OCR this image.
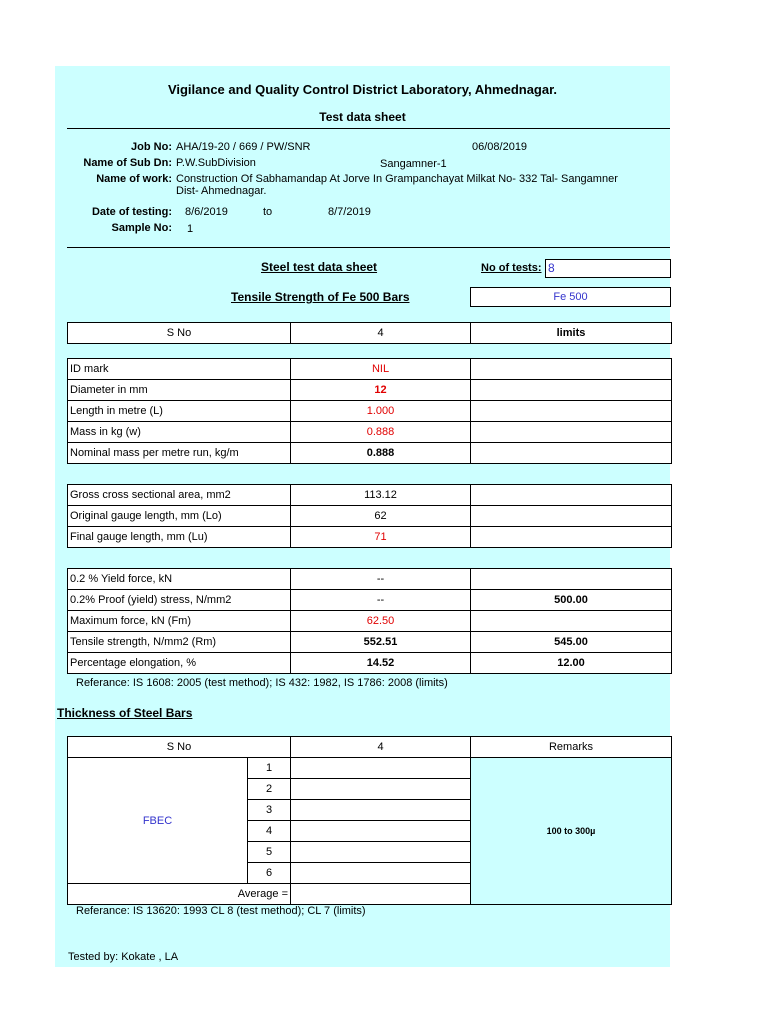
Vigilance and Quality Control District Laboratory, Ahmednagar.
Test data sheet
Job No: AHA/19-20 / 669 / PW/SNR	06/08/2019
Name of Sub Dn: P.W.SubDivision	Sangamner-1
Name of work: Construction Of Sabhamandap At Jorve In Grampanchayat Milkat No- 332 Tal- Sangamner
Dist- Ahmednagar.
Date of testing: 8/6/2019	to	8/7/2019
Sample No: 1
Steel test data sheet	No of tests: 8
Tensile Strength of Fe 500 Bars	Fe 500
S No	4	limits
ID mark	NIL	
Diameter in mm	12	
Length in metre (L)	1.000	
Mass in kg (w)	0.888	
Nominal mass per metre run, kg/m	0.888	
Gross cross sectional area, mm2	113.12	
Original gauge length, mm (Lo)	62	
Final gauge length, mm (Lu)	71	
0.2 % Yield force, kN	--	
0.2% Proof (yield) stress, N/mm2	--	500.00
Maximum force, kN (Fm)	62.50	
Tensile strength, N/mm2 (Rm)	552.51	545.00
Percentage elongation, %	14.52	12.00
Referance: IS 1608: 2005 (test method); IS 432: 1982, IS 1786: 2008 (limits)
Thickness of Steel Bars
S No		4	Remarks
FBEC	1		100 to 300µ
	2		
	3		
	4		
	5		
	6		
Average =			
Referance: IS 13620: 1993 CL 8 (test method); CL 7 (limits)
Tested by: Kokate , LA
